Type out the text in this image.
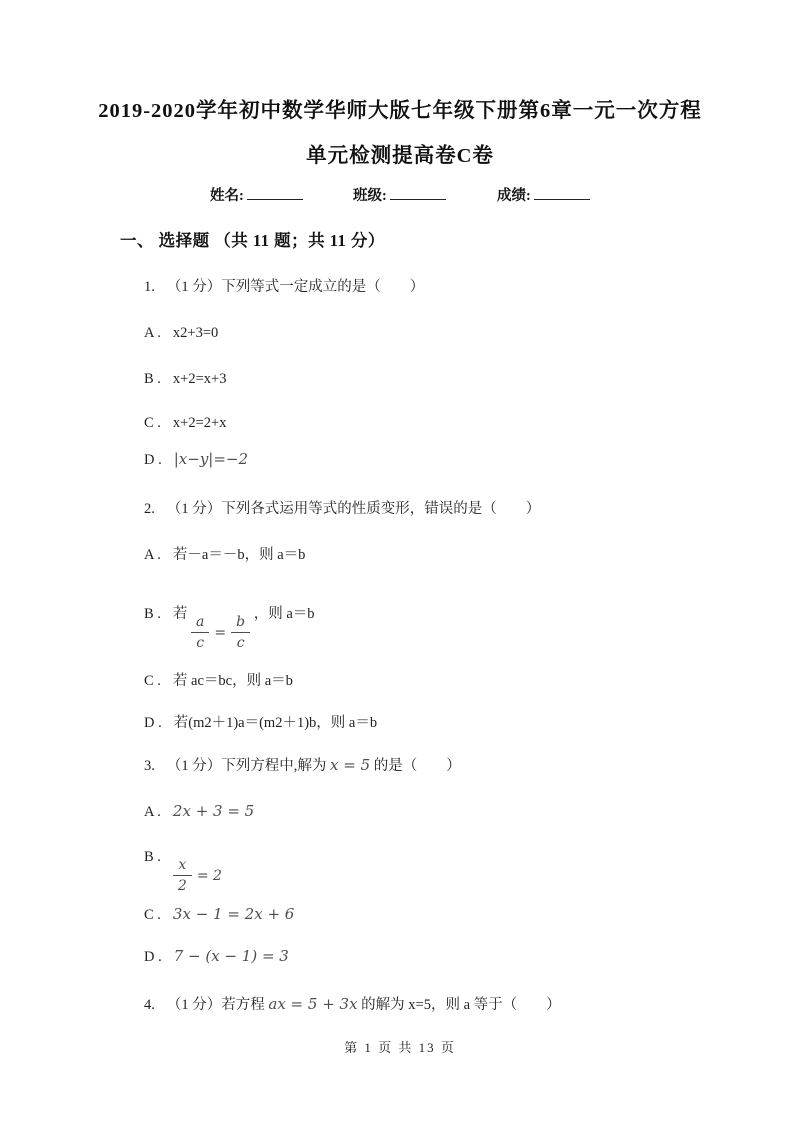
2019-2020学年初中数学华师大版七年级下册第6章一元一次方程
单元检测提高卷C卷
姓名:	班级:	成绩:
一、 选择题 （共 11 题；共 11 分）
1. （1 分）下列等式一定成立的是（　　）
A . x2+3=0
B . x+2=x+3
C . x+2=2+x
D . |x−y|=−2
2. （1 分）下列各式运用等式的性质变形，错误的是（　　）
A . 若－a＝－b，则 a＝b
B . 若 $\frac{a}{c} = \frac{b}{c}$ ，则 a＝b
C . 若 ac＝bc，则 a＝b
D . 若(m2＋1)a＝(m2＋1)b，则 a＝b
3. （1 分）下列方程中,解为 x = 5 的是（　　）
A . 2x + 3 = 5
B . $\frac{x}{2} = 2$
C . 3x − 1 = 2x + 6
D . 7 − (x − 1) = 3
4. （1 分）若方程 ax = 5 + 3x 的解为 x=5，则 a 等于（　　）
第 1 页 共 13 页
